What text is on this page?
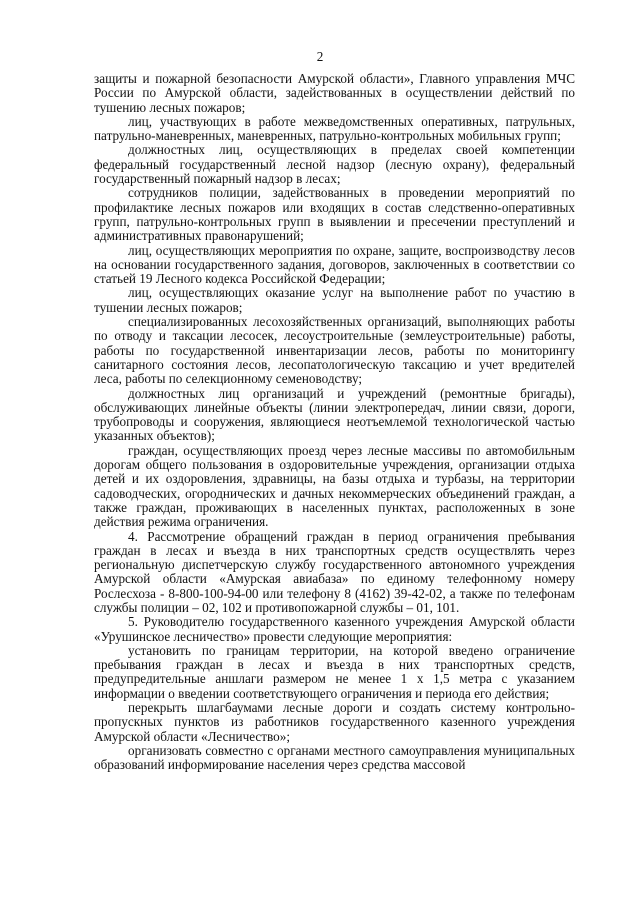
2

защиты и пожарной безопасности Амурской области», Главного управления МЧС России по Амурской области, задействованных в осуществлении действий по тушению лесных пожаров;

лиц, участвующих в работе межведомственных оперативных, патрульных, патрульно-маневренных, маневренных, патрульно-контрольных мобильных групп;

должностных лиц, осуществляющих в пределах своей компетенции федеральный государственный лесной надзор (лесную охрану), федеральный государственный пожарный надзор в лесах;

сотрудников полиции, задействованных в проведении мероприятий по профилактике лесных пожаров или входящих в состав следственно-оперативных групп, патрульно-контрольных групп в выявлении и пресечении преступлений и административных правонарушений;

лиц, осуществляющих мероприятия по охране, защите, воспроизводству лесов на основании государственного задания, договоров, заключенных в соответствии со статьей 19 Лесного кодекса Российской Федерации;

лиц, осуществляющих оказание услуг на выполнение работ по участию в тушении лесных пожаров;

специализированных лесохозяйственных организаций, выполняющих работы по отводу и таксации лесосек, лесоустроительные (землеустроительные) работы, работы по государственной инвентаризации лесов, работы по мониторингу санитарного состояния лесов, лесопатологическую таксацию и учет вредителей леса, работы по селекционному семеноводству;

должностных лиц организаций и учреждений (ремонтные бригады), обслуживающих линейные объекты (линии электропередач, линии связи, дороги, трубопроводы и сооружения, являющиеся неотъемлемой технологической частью указанных объектов);

граждан, осуществляющих проезд через лесные массивы по автомобильным дорогам общего пользования в оздоровительные учреждения, организации отдыха детей и их оздоровления, здравницы, на базы отдыха и турбазы, на территории садоводческих, огороднических и дачных некоммерческих объединений граждан, а также граждан, проживающих в населенных пунктах, расположенных в зоне действия режима ограничения.

4. Рассмотрение обращений граждан в период ограничения пребывания граждан в лесах и въезда в них транспортных средств осуществлять через региональную диспетчерскую службу государственного автономного учреждения Амурской области «Амурская авиабаза» по единому телефонному номеру Рослесхоза - 8-800-100-94-00 или телефону 8 (4162) 39-42-02, а также по телефонам службы полиции – 02, 102 и противопожарной службы – 01, 101.

5. Руководителю государственного казенного учреждения Амурской области «Урушинское лесничество» провести следующие мероприятия:

установить по границам территории, на которой введено ограничение пребывания граждан в лесах и въезда в них транспортных средств, предупредительные аншлаги размером не менее 1 х 1,5 метра с указанием информации о введении соответствующего ограничения и периода его действия;

перекрыть шлагбаумами лесные дороги и создать систему контрольно-пропускных пунктов из работников государственного казенного учреждения Амурской области «Лесничество»;

организовать совместно с органами местного самоуправления муниципальных образований информирование населения через средства массовой
